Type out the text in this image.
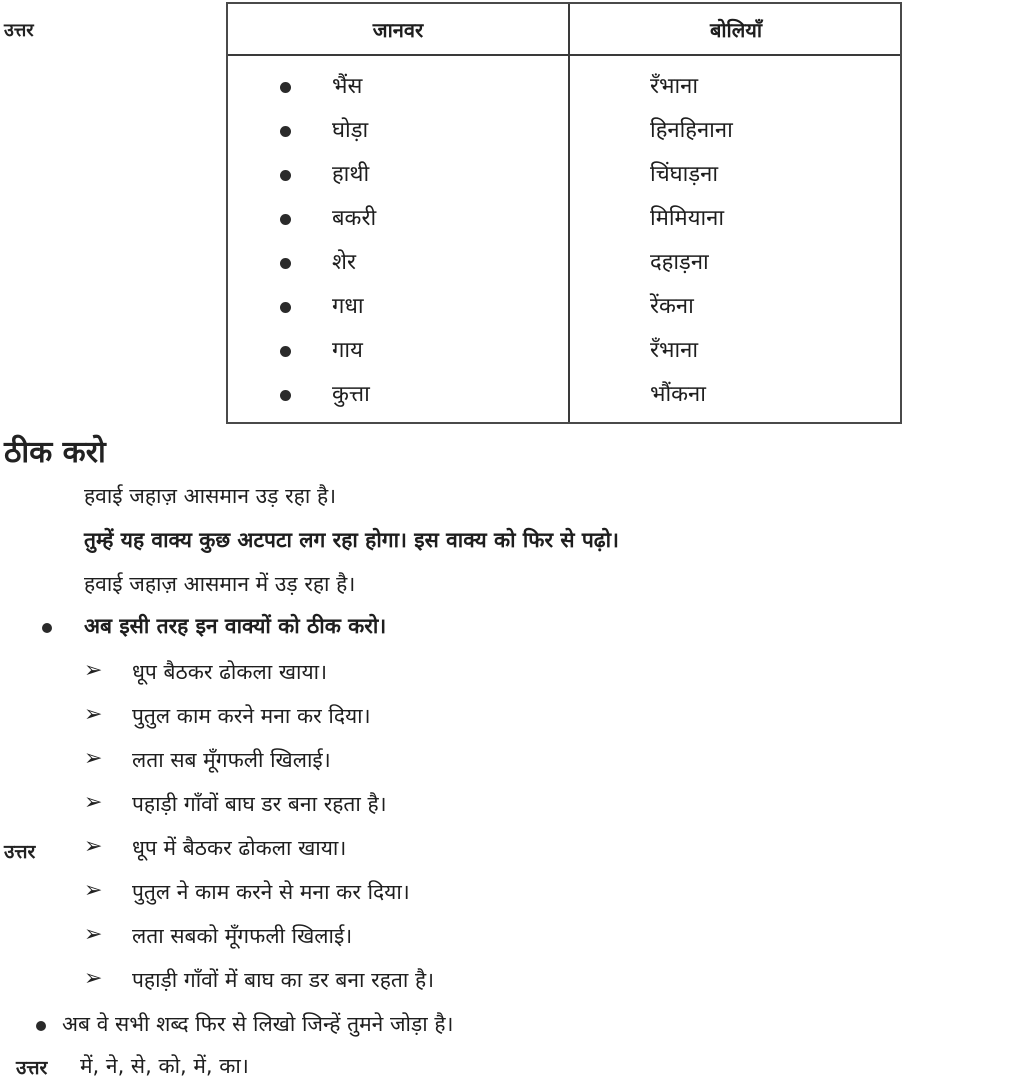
उत्तर	जानवर	बोलियाँ
भैंस	रँभाना
घोड़ा	हिनहिनाना
हाथी	चिंघाड़ना
बकरी	मिमियाना
शेर	दहाड़ना
गधा	रेंकना
गाय	रँभाना
कुत्ता	भौंकना
ठीक करो
हवाई जहाज़ आसमान उड़ रहा है।
तुम्हें यह वाक्य कुछ अटपटा लग रहा होगा। इस वाक्य को फिर से पढ़ो।
हवाई जहाज़ आसमान में उड़ रहा है।
अब इसी तरह इन वाक्यों को ठीक करो।
➢ धूप बैठकर ढोकला खाया।
➢ पुतुल काम करने मना कर दिया।
➢ लता सब मूँगफली खिलाई।
➢ पहाड़ी गाँवों बाघ डर बना रहता है।
उत्तर ➢ धूप में बैठकर ढोकला खाया।
➢ पुतुल ने काम करने से मना कर दिया।
➢ लता सबको मूँगफली खिलाई।
➢ पहाड़ी गाँवों में बाघ का डर बना रहता है।
अब वे सभी शब्द फिर से लिखो जिन्हें तुमने जोड़ा है।
उत्तर में, ने, से, को, में, का।
